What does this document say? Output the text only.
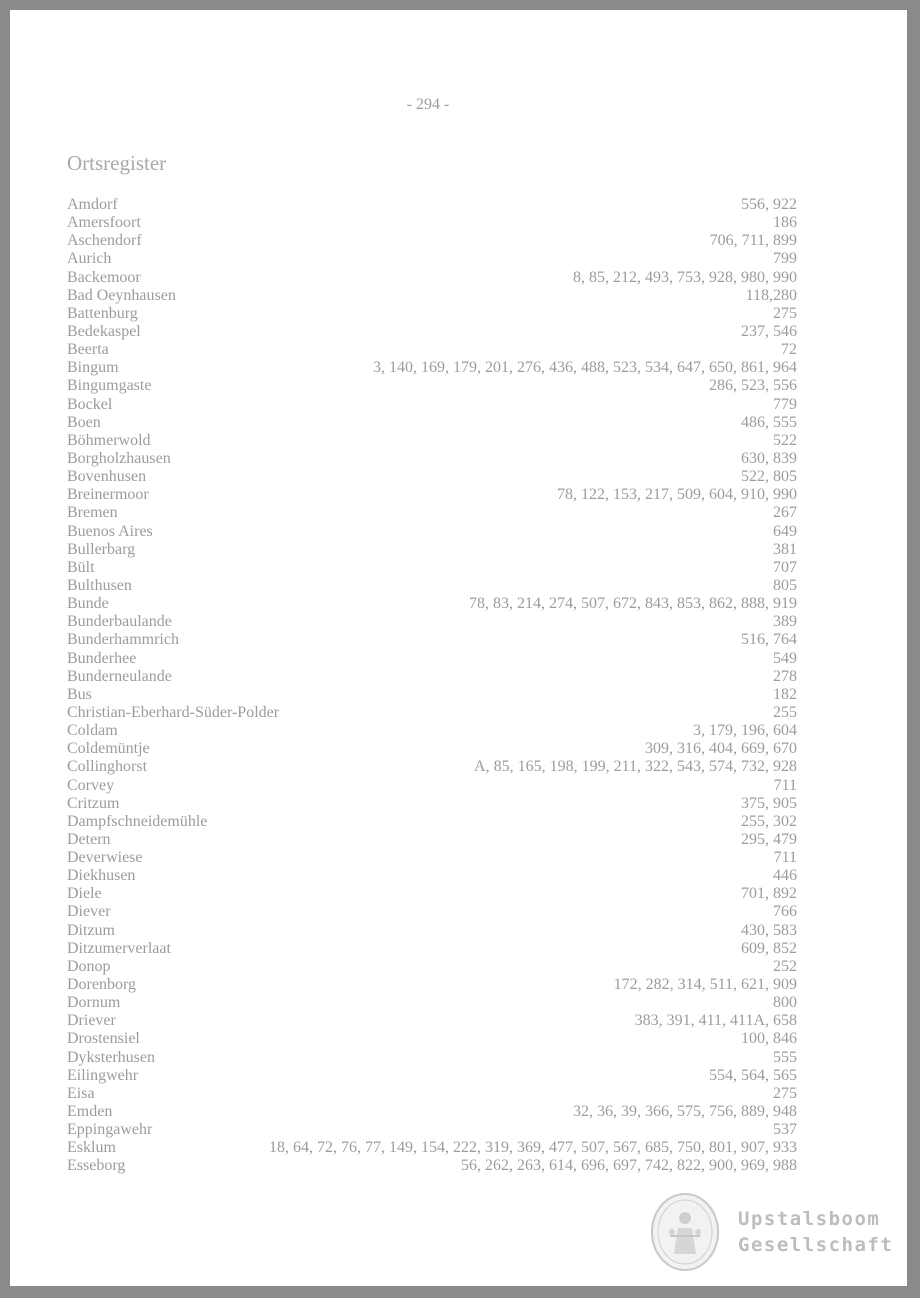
- 294 -
Ortsregister
Amdorf	556, 922
Amersfoort	186
Aschendorf	706, 711, 899
Aurich	799
Backemoor	8, 85, 212, 493, 753, 928, 980, 990
Bad Oeynhausen	118,280
Battenburg	275
Bedekaspel	237, 546
Beerta	72
Bingum	3, 140, 169, 179, 201, 276, 436, 488, 523, 534, 647, 650, 861, 964
Bingumgaste	286, 523, 556
Bockel	779
Boen	486, 555
Böhmerwold	522
Borgholzhausen	630, 839
Bovenhusen	522, 805
Breinermoor	78, 122, 153, 217, 509, 604, 910, 990
Bremen	267
Buenos Aires	649
Bullerbarg	381
Bült	707
Bulthusen	805
Bunde	78, 83, 214, 274, 507, 672, 843, 853, 862, 888, 919
Bunderbaulande	389
Bunderhammrich	516, 764
Bunderhee	549
Bunderneulande	278
Bus	182
Christian-Eberhard-Süder-Polder	255
Coldam	3, 179, 196, 604
Coldemüntje	309, 316, 404, 669, 670
Collinghorst	A, 85, 165, 198, 199, 211, 322, 543, 574, 732, 928
Corvey	711
Critzum	375, 905
Dampfschneidemühle	255, 302
Detern	295, 479
Deverwiese	711
Diekhusen	446
Diele	701, 892
Diever	766
Ditzum	430, 583
Ditzumerverlaat	609, 852
Donop	252
Dorenborg	172, 282, 314, 511, 621, 909
Dornum	800
Driever	383, 391, 411, 411A, 658
Drostensiel	100, 846
Dyksterhusen	555
Eilingwehr	554, 564, 565
Eisa	275
Emden	32, 36, 39, 366, 575, 756, 889, 948
Eppingawehr	537
Esklum	18, 64, 72, 76, 77, 149, 154, 222, 319, 369, 477, 507, 567, 685, 750, 801, 907, 933
Esseborg	56, 262, 263, 614, 696, 697, 742, 822, 900, 969, 988
Upstalsboom
Gesellschaft
